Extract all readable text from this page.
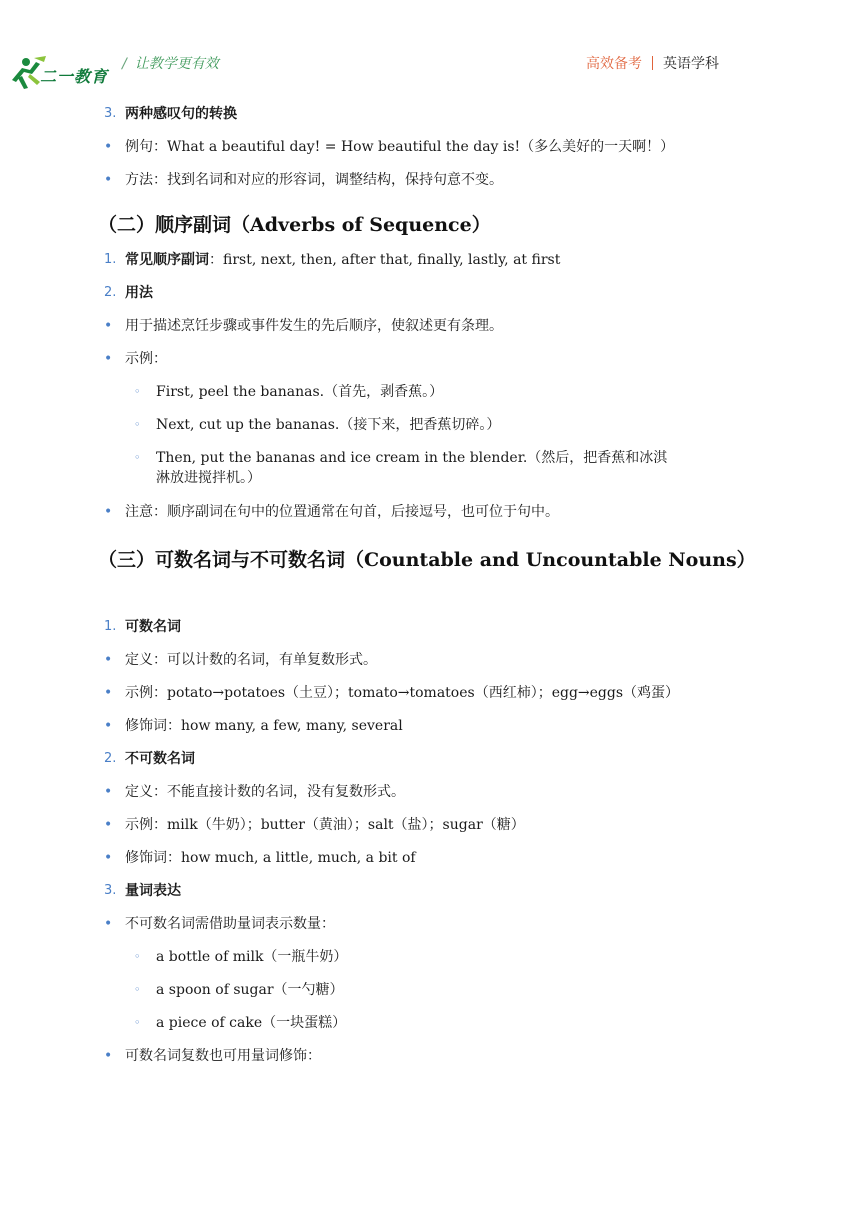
二一教育
/ 让教学更有效	高效备考 英语学科
3. 两种感叹句的转换
• 例句：What a beautiful day! = How beautiful the day is!（多么美好的一天啊！）
• 方法：找到名词和对应的形容词，调整结构，保持句意不变。
（二）顺序副词（Adverbs of Sequence）
1. 常见顺序副词：first, next, then, after that, finally, lastly, at first
2. 用法
• 用于描述烹饪步骤或事件发生的先后顺序，使叙述更有条理。
• 示例：
◦ First, peel the bananas.（首先，剥香蕉。）
◦ Next, cut up the bananas.（接下来，把香蕉切碎。）
◦ Then, put the bananas and ice cream in the blender.（然后，把香蕉和冰淇淋放进搅拌机。）
• 注意：顺序副词在句中的位置通常在句首，后接逗号，也可位于句中。
（三）可数名词与不可数名词（Countable and Uncountable Nouns）
1. 可数名词
• 定义：可以计数的名词，有单复数形式。
• 示例：potato→potatoes（土豆）；tomato→tomatoes（西红柿）；egg→eggs（鸡蛋）
• 修饰词：how many, a few, many, several
2. 不可数名词
• 定义：不能直接计数的名词，没有复数形式。
• 示例：milk（牛奶）；butter（黄油）；salt（盐）；sugar（糖）
• 修饰词：how much, a little, much, a bit of
3. 量词表达
• 不可数名词需借助量词表示数量：
◦ a bottle of milk（一瓶牛奶）
◦ a spoon of sugar（一勺糖）
◦ a piece of cake（一块蛋糕）
• 可数名词复数也可用量词修饰：
